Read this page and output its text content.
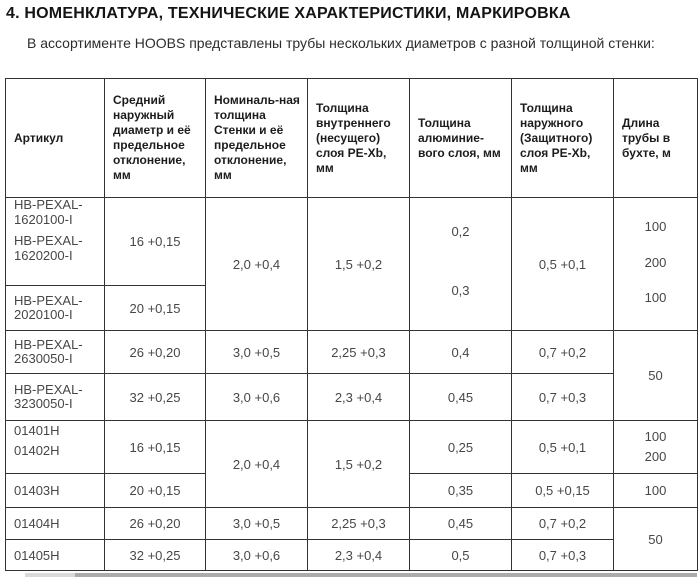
4. НОМЕНКЛАТУРА, ТЕХНИЧЕСКИЕ ХАРАКТЕРИСТИКИ, МАРКИРОВКА
В ассортименте HOOBS представлены трубы нескольких диаметров с разной толщиной стенки:
Артикул
Средний наружный диаметр и её предельное отклонение, мм
Номиналь-ная толщина Стенки и её предельное отклонение, мм
Толщина внутреннего (несущего) слоя PE-Xb, мм
Толщина алюминие-вого слоя, мм
Толщина наружного (Защитного) слоя PE-Xb, мм
Длина трубы в бухте, м
HB-PEXAL-1620100-I
HB-PEXAL-1620200-I
HB-PEXAL-2020100-I
HB-PEXAL-2630050-I
HB-PEXAL-3230050-I
01401Н
01402Н
01403Н
01404Н
01405Н
16 +0,15
20 +0,15
26 +0,20
32 +0,25
16 +0,15
20 +0,15
26 +0,20
32 +0,25
2,0 +0,4
3,0 +0,5
3,0 +0,6
2,0 +0,4
3,0 +0,5
3,0 +0,6
1,5 +0,2
2,25 +0,3
2,3 +0,4
1,5 +0,2
2,25 +0,3
2,3 +0,4
0,2
0,3
0,4
0,45
0,25
0,35
0,45
0,5
0,5 +0,1
0,7 +0,2
0,7 +0,3
0,5 +0,1
0,5 +0,15
0,7 +0,2
0,7 +0,3
100
200
100
50
100
200
100
50
